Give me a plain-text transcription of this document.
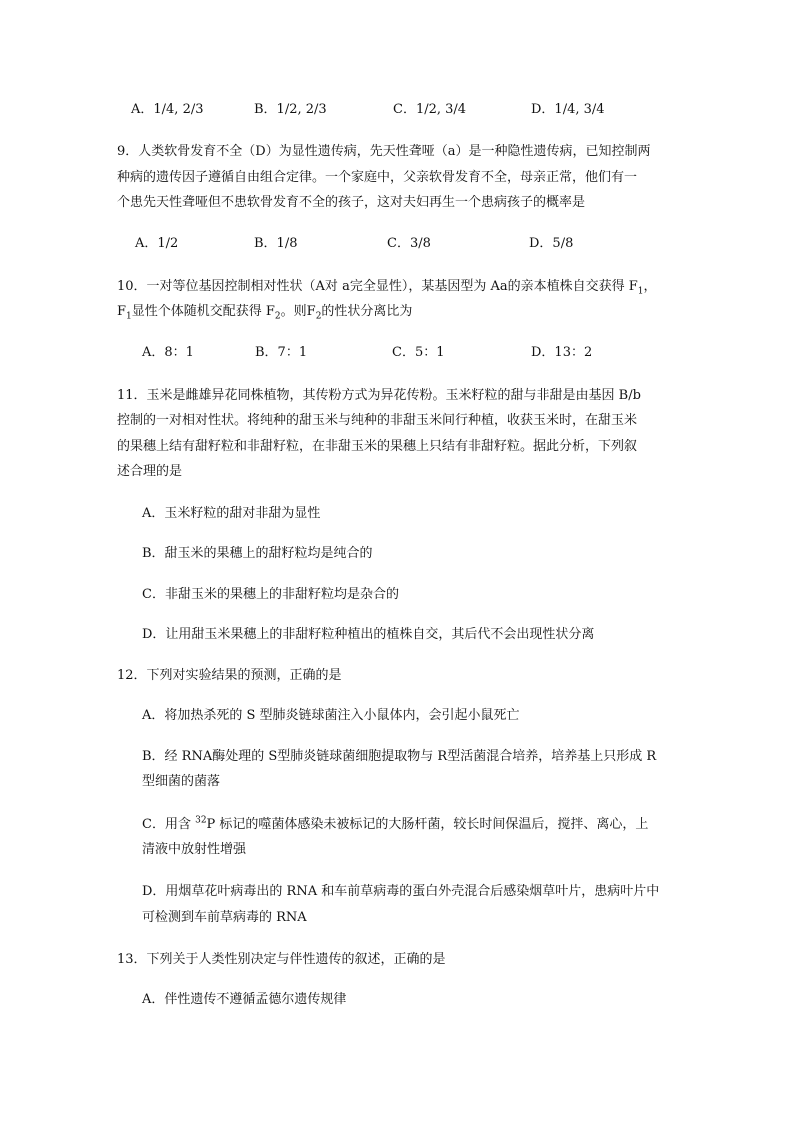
A．1/4, 2/3	B．1/2, 2/3	C．1/2, 3/4	D．1/4, 3/4
9．人类软骨发育不全（D）为显性遗传病，先天性聋哑（a）是一种隐性遗传病，已知控制两
种病的遗传因子遵循自由组合定律。一个家庭中，父亲软骨发育不全，母亲正常，他们有一
个患先天性聋哑但不患软骨发育不全的孩子，这对夫妇再生一个患病孩子的概率是
A．1/2	B．1/8	C．3/8	D．5/8
10．一对等位基因控制相对性状（A对 a完全显性），某基因型为 Aa的亲本植株自交获得 $F_1$，
$F_1$显性个体随机交配获得 $F_2$。则$F_2$的性状分离比为
A．8：1	B．7：1	C．5：1	D．13：2
11．玉米是雌雄异花同株植物，其传粉方式为异花传粉。玉米籽粒的甜与非甜是由基因 B/b
控制的一对相对性状。将纯种的甜玉米与纯种的非甜玉米间行种植，收获玉米时，在甜玉米
的果穗上结有甜籽粒和非甜籽粒，在非甜玉米的果穗上只结有非甜籽粒。据此分析，下列叙
述合理的是
A．玉米籽粒的甜对非甜为显性
B．甜玉米的果穗上的甜籽粒均是纯合的
C．非甜玉米的果穗上的非甜籽粒均是杂合的
D．让用甜玉米果穗上的非甜籽粒种植出的植株自交，其后代不会出现性状分离
12．下列对实验结果的预测，正确的是
A．将加热杀死的 S 型肺炎链球菌注入小鼠体内，会引起小鼠死亡
B．经 RNA酶处理的 S型肺炎链球菌细胞提取物与 R型活菌混合培养，培养基上只形成 R
型细菌的菌落
C．用含 $^{32}$P 标记的噬菌体感染未被标记的大肠杆菌，较长时间保温后，搅拌、离心，上
清液中放射性增强
D．用烟草花叶病毒出的 RNA 和车前草病毒的蛋白外壳混合后感染烟草叶片，患病叶片中
可检测到车前草病毒的 RNA
13．下列关于人类性别决定与伴性遗传的叙述，正确的是
A．伴性遗传不遵循孟德尔遗传规律
